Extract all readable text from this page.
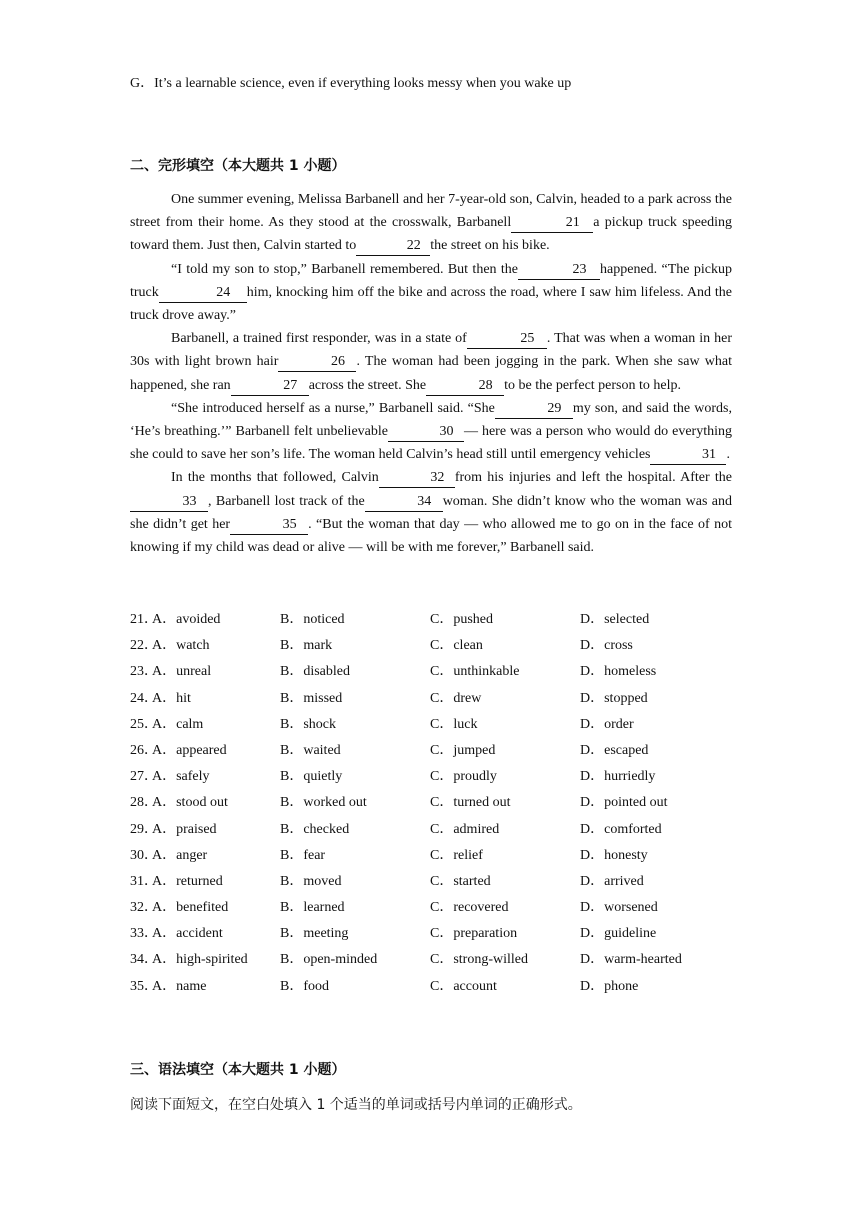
G．It’s a learnable science, even if everything looks messy when you wake up
二、完形填空（本大题共 1 小题）

One summer evening, Melissa Barbanell and her 7-year-old son, Calvin, headed to a park across the street from their home. As they stood at the crosswalk, Barbanell	21 a pickup truck speeding toward them. Just then, Calvin started to	22 the street on his bike.

“I told my son to stop,” Barbanell remembered. But then the	23 happened. “The pickup truck	24 him, knocking him off the bike and across the road, where I saw him lifeless. And the truck drove away.”

Barbanell, a trained first responder, was in a state of	25 . That was when a woman in her 30s with light brown hair	26 . The woman had been jogging in the park. When she saw what happened, she ran	27 across the street. She	28 to be the perfect person to help.

“She introduced herself as a nurse,” Barbanell said. “She	29 my son, and said the words, ‘He’s breathing.’” Barbanell felt unbelievable	30 — here was a person who would do everything she could to save her son’s life. The woman held Calvin’s head still until emergency vehicles	31 .

In the months that followed, Calvin	32 from his injuries and left the hospital. After the33 , Barbanell lost track of the	34 woman. She didn’t know who the woman was and she didn’t get her	35 . “But the woman that day — who allowed me to go on in the face of not knowing if my child was dead or alive — will be with me forever,” Barbanell said.

21．
A．avoided	B．noticed	C．pushed	D．selected
22．
A．watch	B．mark	C．clean	D．cross
23．
A．unreal	B．disabled	C．unthinkable	D．homeless
24．
A．hit	B．missed	C．drew	D．stopped
25．
A．calm	B．shock	C．luck	D．order
26．
A．appeared	B．waited	C．jumped	D．escaped
27．
A．safely	B．quietly	C．proudly	D．hurriedly
28．
A．stood out	B．worked out	C．turned out	D．pointed out
29．
A．praised	B．checked	C．admired	D．comforted
30．
A．anger	B．fear	C．relief	D．honesty
31．
A．returned	B．moved	C．started	D．arrived
32．
A．benefited	B．learned	C．recovered	D．worsened
33．
A．accident	B．meeting	C．preparation	D．guideline
34．
A．high-spirited	B．open-minded	C．strong-willed	D．warm-hearted
35．
A．name	B．food	C．account	D．phone
三、语法填空（本大题共 1 小题）
阅读下面短文，在空白处填入 1 个适当的单词或括号内单词的正确形式。
